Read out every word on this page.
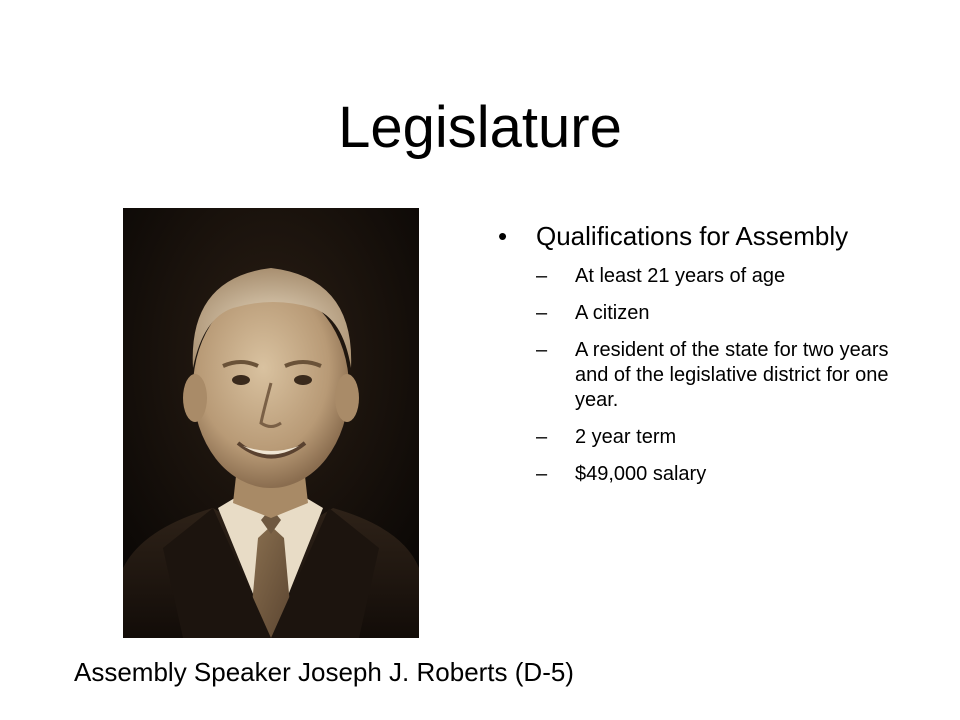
Legislature
• Qualifications for Assembly
– At least 21 years of age
– A citizen
– A resident of the state for two years and of the legislative district for one year.
– 2 year term
– $49,000 salary

Assembly Speaker Joseph J. Roberts (D-5)
